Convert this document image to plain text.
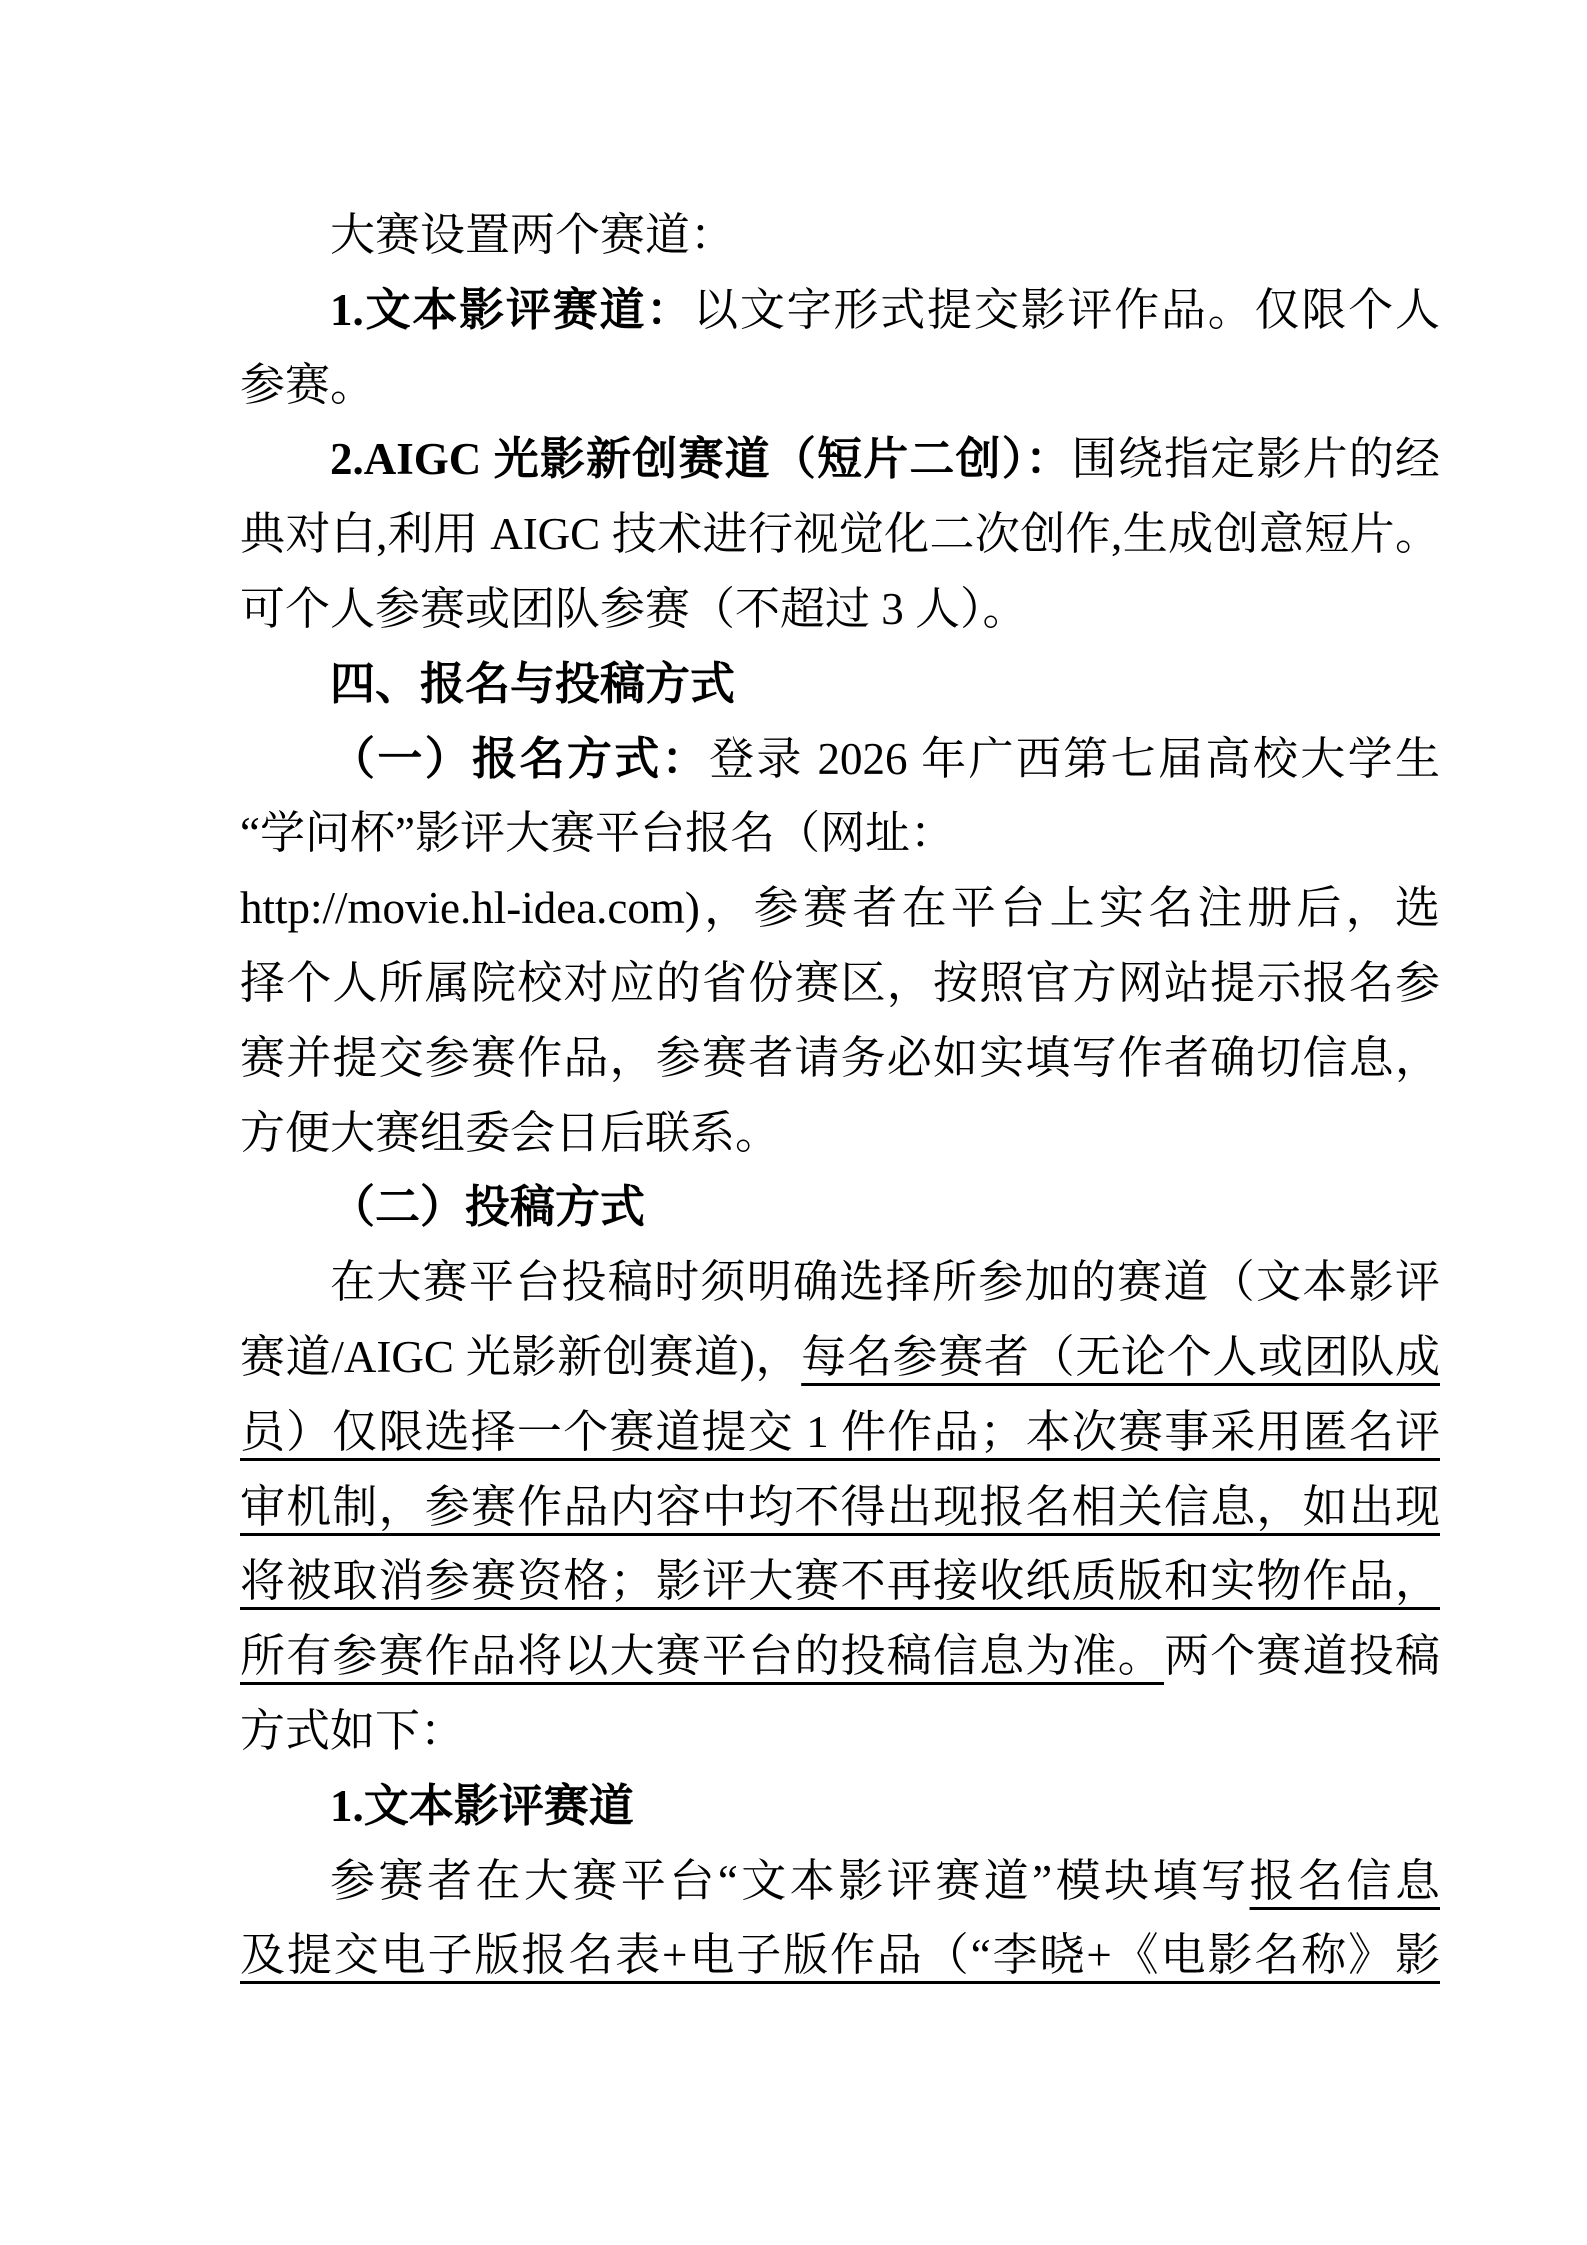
大赛设置两个赛道：
1.文本影评赛道：以文字形式提交影评作品。仅限个人
参赛。
2.AIGC 光影新创赛道（短片二创）：围绕指定影片的经
典对白,利用 AIGC 技术进行视觉化二次创作,生成创意短片。
可个人参赛或团队参赛（不超过 3 人）。
四、报名与投稿方式
（一）报名方式：登录 2026 年广西第七届高校大学生
“学问杯”影评大赛平台报名（网址：
http://movie.hl-idea.com)，参赛者在平台上实名注册后，选
择个人所属院校对应的省份赛区，按照官方网站提示报名参
赛并提交参赛作品，参赛者请务必如实填写作者确切信息，
方便大赛组委会日后联系。
（二）投稿方式
在大赛平台投稿时须明确选择所参加的赛道（文本影评
赛道/AIGC 光影新创赛道)，每名参赛者（无论个人或团队成
员）仅限选择一个赛道提交 1 件作品；本次赛事采用匿名评
审机制，参赛作品内容中均不得出现报名相关信息，如出现
将被取消参赛资格；影评大赛不再接收纸质版和实物作品，
所有参赛作品将以大赛平台的投稿信息为准。两个赛道投稿
方式如下：
1.文本影评赛道
参赛者在大赛平台“文本影评赛道”模块填写报名信息
及提交电子版报名表+电子版作品（“李晓+《电影名称》影
